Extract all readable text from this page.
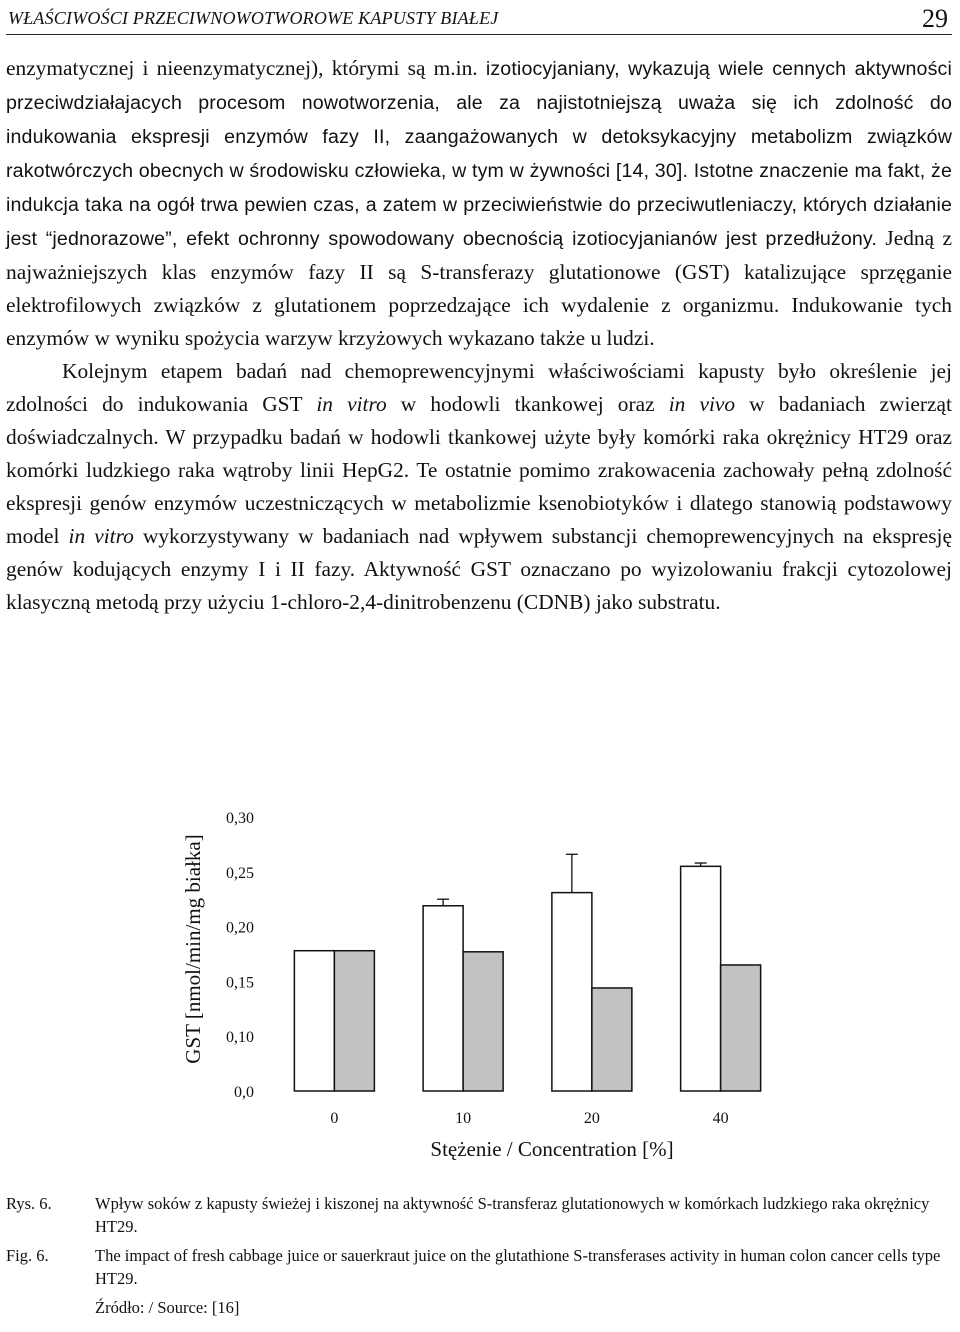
WŁAŚCIWOŚCI PRZECIWNOWOTWOROWE KAPUSTY BIAŁEJ	29

enzymatycznej i nieenzymatycznej), którymi są m.in. izotiocyjaniany, wykazują wiele cennych aktywności przeciwdziałajacych procesom nowotworzenia, ale za najistotniejszą uważa się ich zdolność do indukowania ekspresji enzymów fazy II, zaangażowanych w detoksykacyjny metabolizm związków rakotwórczych obecnych w środowisku człowieka, w tym w żywności [14, 30]. Istotne znaczenie ma fakt, że indukcja taka na ogół trwa pewien czas, a zatem w przeciwieństwie do przeciwutleniaczy, których działanie jest “jednorazowe”, efekt ochronny spowodowany obecnością izotiocyjanianów jest przedłużony. Jedną z najważniejszych klas enzymów fazy II są S-transferazy glutationowe (GST) katalizujące sprzęganie elektrofilowych związków z glutationem poprzedzające ich wydalenie z organizmu. Indukowanie tych enzymów w wyniku spożycia warzyw krzyżowych wykazano także u ludzi.

Kolejnym etapem badań nad chemoprewencyjnymi właściwościami kapusty było określenie jej zdolności do indukowania GST in vitro w hodowli tkankowej oraz in vivo w badaniach zwierząt doświadczalnych. W przypadku badań w hodowli tkankowej użyte były komórki raka okrężnicy HT29 oraz komórki ludzkiego raka wątroby linii HepG2. Te ostatnie pomimo zrakowacenia zachowały pełną zdolność ekspresji genów enzymów uczestniczących w metabolizmie ksenobiotyków i dlatego stanowią podstawowy model in vitro wykorzystywany w badaniach nad wpływem substancji chemoprewencyjnych na ekspresję genów kodujących enzymy I i II fazy. Aktywność GST oznaczano po wyizolowaniu frakcji cytozolowej klasyczną metodą przy użyciu 1-chloro-2,4-dinitrobenzenu (CDNB) jako substratu.

GST [nmol/min/mg białka]
0,0
0,10
0,15
0,20
0,25
0,30
0	10	20	40
Stężenie / Concentration [%]
Rys. 6.	Wpływ soków z kapusty świeżej i kiszonej na aktywność S-transferaz glutationowych w komórkach ludzkiego raka okrężnicy HT29.
Fig. 6.	The impact of fresh cabbage juice or sauerkraut juice on the glutathione S-transferases activity in human colon cancer cells type HT29.
Źródło: / Source: [16]
